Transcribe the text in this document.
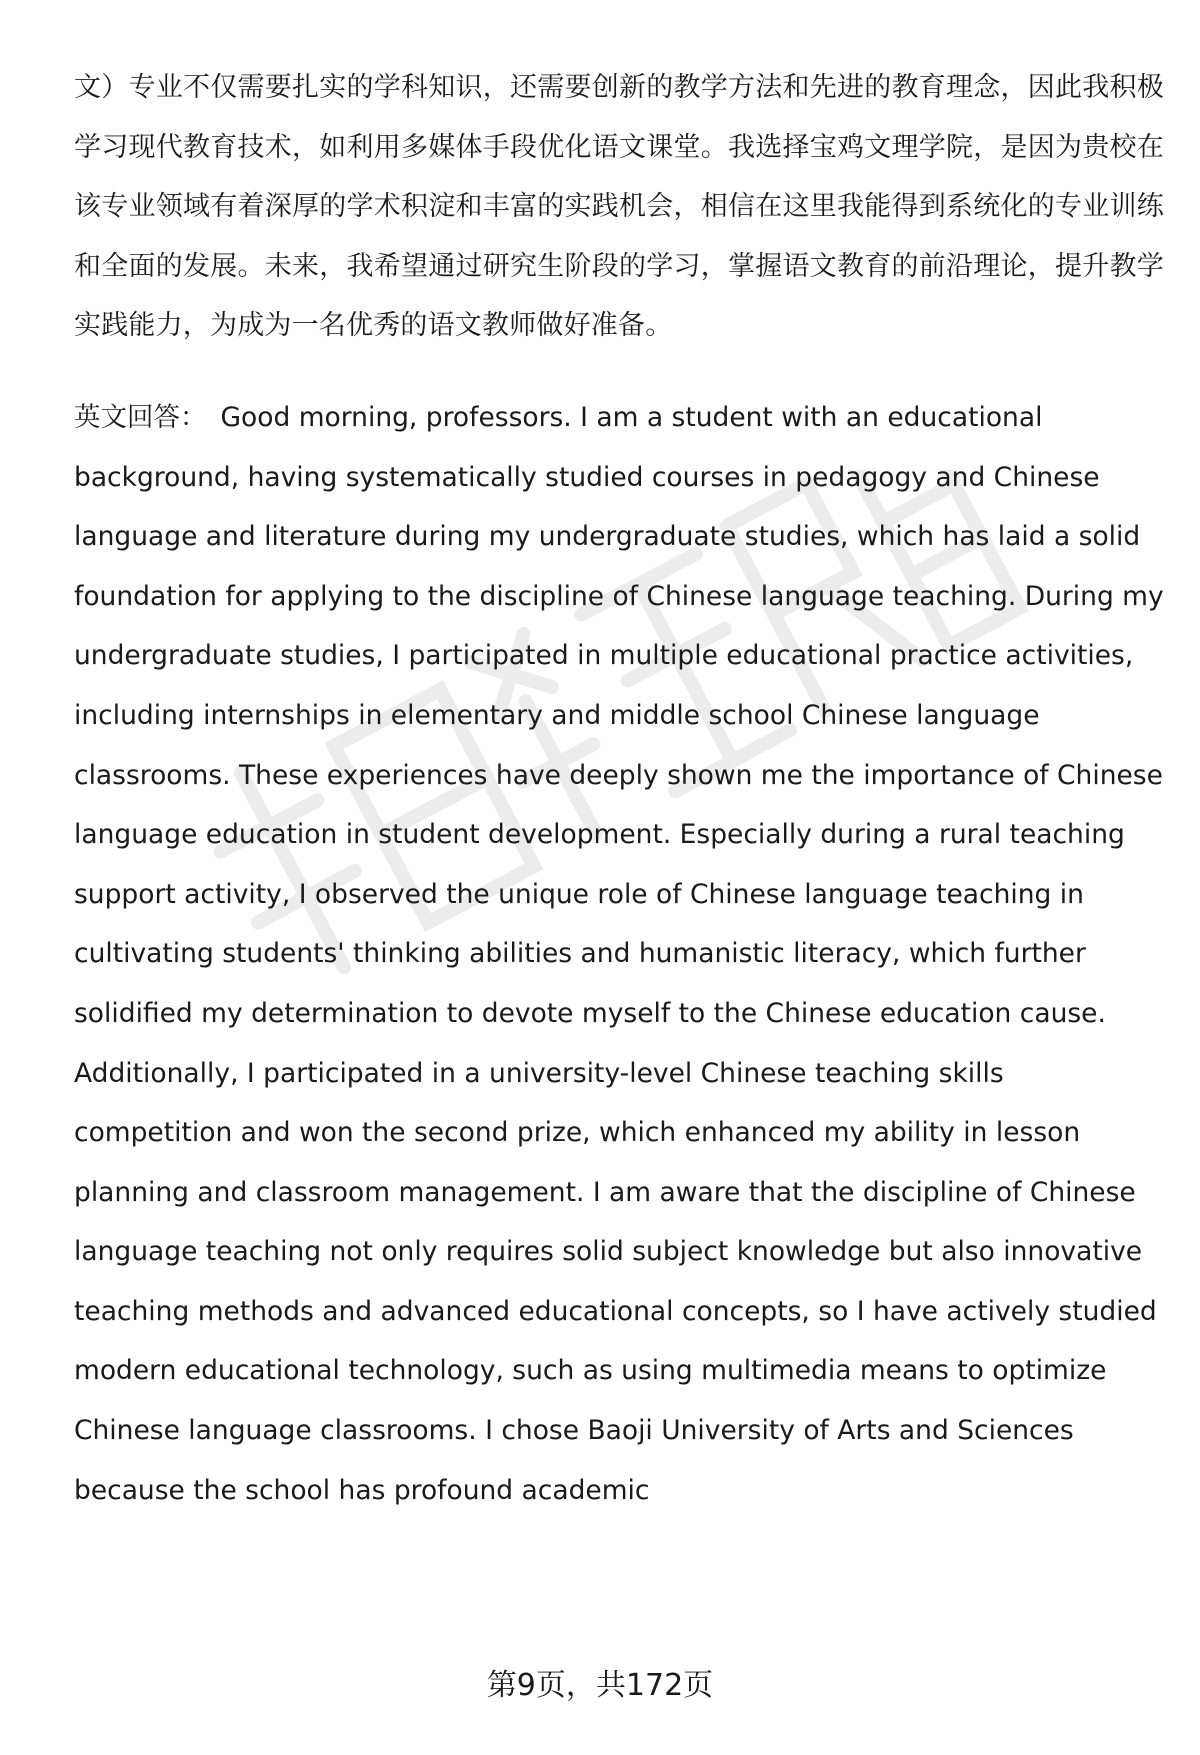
文）专业不仅需要扎实的学科知识，还需要创新的教学方法和先进的教育理念，因此我积极学习现代教育技术，如利用多媒体手段优化语文课堂。我选择宝鸡文理学院，是因为贵校在该专业领域有着深厚的学术积淀和丰富的实践机会，相信在这里我能得到系统化的专业训练和全面的发展。未来，我希望通过研究生阶段的学习，掌握语文教育的前沿理论，提升教学实践能力，为成为一名优秀的语文教师做好准备。

英文回答： Good morning, professors. I am a student with an educational background, having systematically studied courses in pedagogy and Chinese language and literature during my undergraduate studies, which has laid a solid foundation for applying to the discipline of Chinese language teaching. During my undergraduate studies, I participated in multiple educational practice activities, including internships in elementary and middle school Chinese language classrooms. These experiences have deeply shown me the importance of Chinese language education in student development. Especially during a rural teaching support activity, I observed the unique role of Chinese language teaching in cultivating students' thinking abilities and humanistic literacy, which further solidified my determination to devote myself to the Chinese education cause. Additionally, I participated in a university-level Chinese teaching skills competition and won the second prize, which enhanced my ability in lesson planning and classroom management. I am aware that the discipline of Chinese language teaching not only requires solid subject knowledge but also innovative teaching methods and advanced educational concepts, so I have actively studied modern educational technology, such as using multimedia means to optimize Chinese language classrooms. I chose Baoji University of Arts and Sciences because the school has profound academic

第9页，共172页
